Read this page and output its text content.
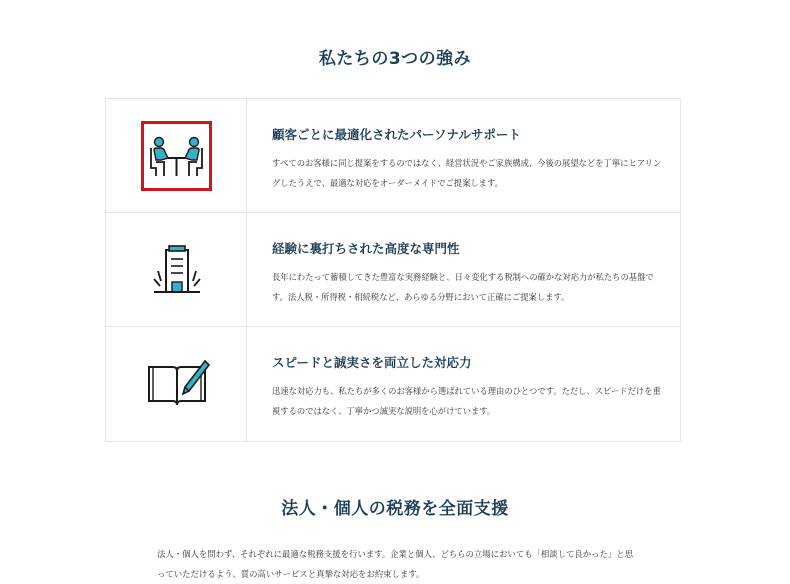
私たちの3つの強み
顧客ごとに最適化されたパーソナルサポート
すべてのお客様に同じ提案をするのではなく、経営状況やご家族構成、今後の展望などを丁寧にヒアリングしたうえで、最適な対応をオーダーメイドでご提案します。
経験に裏打ちされた高度な専門性
長年にわたって蓄積してきた豊富な実務経験と、日々変化する税制への確かな対応力が私たちの基盤です。法人税・所得税・相続税など、あらゆる分野において正確にご提案します。
スピードと誠実さを両立した対応力
迅速な対応力も、私たちが多くのお客様から選ばれている理由のひとつです。ただし、スピードだけを重視するのではなく、丁寧かつ誠実な説明を心がけています。
法人・個人の税務を全面支援
法人・個人を問わず、それぞれに最適な税務支援を行います。企業と個人、どちらの立場においても「相談して良かった」と思っていただけるよう、質の高いサービスと真摯な対応をお約束します。
